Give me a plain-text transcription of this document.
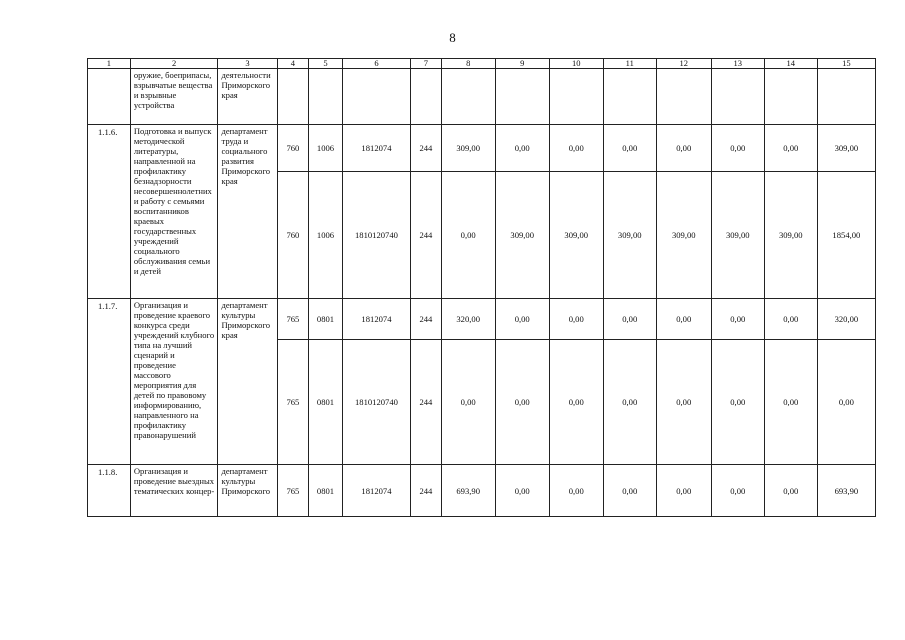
8
1	2	3	4	5	6	7	8	9	10	11	12	13	14	15
	оружие, боеприпасы, взрывчатые вещества и взрывные устройства	деятельности Приморского края												
1.1.6.	Подготовка и выпуск методической литературы, направленной на профилактику безнадзорности несовершеннолетних и работу с семьями воспитанников краевых государственных учреждений социального обслуживания семьи и детей	департамент труда и социального развития Приморского края	760	1006	1812074	244	309,00	0,00	0,00	0,00	0,00	0,00	0,00	309,00
			760	1006	1810120740	244	0,00	309,00	309,00	309,00	309,00	309,00	309,00	1854,00
1.1.7.	Организация и проведение краевого конкурса среди учреждений клубного типа на лучший сценарий и проведение массового мероприятия для детей по правовому информированию, направленного на профилактику правонарушений	департамент культуры Приморского края	765	0801	1812074	244	320,00	0,00	0,00	0,00	0,00	0,00	0,00	320,00
			765	0801	1810120740	244	0,00	0,00	0,00	0,00	0,00	0,00	0,00	0,00
1.1.8.	Организация и проведение выездных тематических концер-	департамент культуры Приморского	765	0801	1812074	244	693,90	0,00	0,00	0,00	0,00	0,00	0,00	693,90
